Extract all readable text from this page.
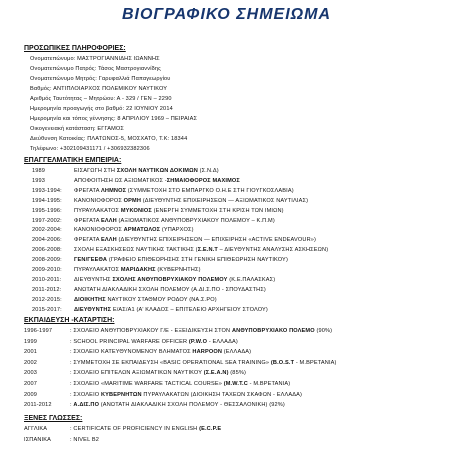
ΒΙΟΓΡΑΦΙΚΟ ΣΗΜΕΙΩΜΑ
ΠΡΟΣΩΠΙΚΕΣ ΠΛΗΡΟΦΟΡΙΕΣ:
Ονοματεπώνυμο: ΜΑΣΤΡΟΓΙΑΝΝΙΔΗΣ ΙΩΑΝΝΗΣ
Ονοματεπώνυμο Πατρός: Τάσος Μαστρογιαννίδης
Ονοματεπώνυμο Μητρός: Γαρυφαλλιά Παπαγεωργίου
Βαθμός: ΑΝΤΙΠΛΟΙΑΡΧΟΣ ΠΟΛΕΜΙΚΟΥ ΝΑΥΤΙΚΟΥ
Αριθμός Ταυτότητας – Μητρώου: Α - 329 / ΓΕΝ – 2290
Ημερομηνία προαγωγής στο βαθμό: 22 ΙΟΥΝΙΟΥ 2014
Ημερομηνία και τόπος γέννησης: 8 ΑΠΡΙΛΙΟΥ 1969 – ΠΕΙΡΑΙΑΣ
Οικογενειακή κατάσταση: ΕΓΓΑΜΟΣ
Διεύθυνση Κατοικίας: ΠΛΑΤΩΝΟΣ-5, ΜΟΣΧΑΤΟ, Τ.Κ: 18344
Τηλέφωνο: +302109431171 / +306932382306
ΕΠΑΓΓΕΛΜΑΤΙΚΗ ΕΜΠΕΙΡΙΑ:
1989	ΕΙΣΑΓΩΓΗ ΣΤΗ ΣΧΟΛΗ ΝΑΥΤΙΚΩΝ ΔΟΚΙΜΩΝ (Σ.Ν.Δ)
1993	ΑΠΟΦΟΙΤΗΣΗ ΩΣ ΑΞΙΩΜΑΤΙΚΟΣ -ΣΗΜΑΙΟΦΟΡΟΣ ΜΑΧΙΜΟΣ
1993-1994: ΦΡΕΓΑΤΑ ΛΗΜΝΟΣ (ΣΥΜΜΕΤΟΧΗ ΣΤΟ ΕΜΠΑΡΓΚΟ Ο.Η.Ε ΣΤΗ ΓΙΟΥΓΚΟΣΛΑΒΙΑ)
1994-1995: ΚΑΝΟΝΙΟΦΟΡΟΣ ΟΡΜΗ (ΔΙΕΥΘΥΝΤΗΣ ΕΠΙΧΕΙΡΗΣΕΩΝ — ΑΞΙΩΜΑΤΙΚΟΣ ΝΑΥΤΙΛΙΑΣ)
1995-1996: ΠΥΡΑΥΛΑΚΑΤΟΣ ΜΥΚΟΝΙΟΣ (ΕΝΕΡΓΗ ΣΥΜΜΕΤΟΧΗ ΣΤΗ ΚΡΙΣΗ ΤΩΝ ΙΜΙΩΝ)
1997-2002: ΦΡΕΓΑΤΑ ΕΛΛΗ (ΑΞΙΩΜΑΤΙΚΟΣ ΑΝΘΥΠΟΒΡΥΧΙΑΚΟΥ ΠΟΛΕΜΟΥ – Κ.Π.Μ)
2002-2004: ΚΑΝΟΝΙΟΦΟΡΟΣ ΑΡΜΑΤΩΛΟΣ (ΥΠΑΡΧΟΣ)
2004-2006: ΦΡΕΓΑΤΑ ΕΛΛΗ (ΔΙΕΥΘΥΝΤΗΣ ΕΠΙΧΕΙΡΗΣΕΩΝ — ΕΠΙΧΕΙΡΗΣΗ «ACTIVE ENDEAVOUR»)
2006-2008: ΣΧΟΛΗ ΕΞΑΣΚΗΣΕΩΣ ΝΑΥΤΙΚΗΣ ΤΑΚΤΙΚΗΣ (Σ.Ε.Ν.Τ – ΔΙΕΥΘΥΝΤΗΣ ΑΝΑΛΥΣΗΣ ΑΣΚΗΣΕΩΝ)
2008-2009: ΓΕΝ/ΓΕΕΘΑ (ΓΡΑΦΕΙΟ ΕΠΙΘΕΩΡΗΣΗΣ ΣΤΗ ΓΕΝΙΚΗ ΕΠΙΘΕΩΡΗΣΗ ΝΑΥΤΙΚΟΥ)
2009-2010: ΠΥΡΑΥΛΑΚΑΤΟΣ ΜΑΡΙΔΑΚΗΣ (ΚΥΒΕΡΝΗΤΗΣ)
2010-2011: ΔΙΕΥΘΥΝΤΗΣ ΣΧΟΛΗΣ ΑΝΘΥΠΟΒΡΥΧΙΑΚΟΥ ΠΟΛΕΜΟΥ (Κ.Ε.ΠΑΛΑΣΚΑΣ)
2011-2012: ΑΝΩΤΑΤΗ ΔΙΑΚΛΑΔΙΚΗ ΣΧΟΛΗ ΠΟΛΕΜΟΥ (Α.ΔΙ.Σ.ΠΟ - ΣΠΟΥΔΑΣΤΗΣ)
2012-2015: ΔΙΟΙΚΗΤΗΣ ΝΑΥΤΙΚΟΥ ΣΤΑΘΜΟΥ ΡΟΔΟΥ (ΝΑ.Σ.ΡΟ)
2015-2017: ΔΙΕΥΘΥΝΤΗΣ Ε/ΑΣ/Α1 (Α' ΚΛΑΔΟΣ – ΕΠΙΤΕΛΕΙΟ ΑΡΧΗΓΕΙΟΥ ΣΤΟΛΟΥ)
ΕΚΠΑΙΔΕΥΣΗ -ΚΑΤΑΡΤΙΣΗ:
1996-1997	: ΣΧΟΛΕΙΟ ΑΝΘΥΠΟΒΡΥΧΙΑΚΟΥ Γ/Ε - ΕΞΕΙΔΙΚΕΥΣΗ ΣΤΟΝ ΑΝΘΥΠΟΒΡΥΧΙΑΚΟ ΠΟΛΕΜΟ (90%)
1999	: SCHOOL PRINCIPAL WARFARE OFFICER (P.W.O - ΕΛΛΑΔΑ)
2001	: ΣΧΟΛΕΙΟ ΚΑΤΕΥΘΥΝΟΜΕΝΟΥ ΒΛΗΜΑΤΟΣ HARPOON (ΕΛΛΑΔΑ)
2002	: ΣΥΜΜΕΤΟΧΗ ΣΕ ΕΚΠΑΙΔΕΥΣΗ «BASIC OPERATIONAL SEA TRAINING» (B.O.S.T - Μ.ΒΡΕΤΑΝΙΑ)
2003	: ΣΧΟΛΕΙΟ ΕΠΙΤΕΛΩΝ ΑΞΙΩΜΑΤΙΚΩΝ ΝΑΥΤΙΚΟΥ (Σ.Ε.Α.Ν) (85%)
2007	: ΣΧΟΛΕΙΟ «MARITIME WARFARE TACTICAL COURSE» (M.W.T.C - Μ.ΒΡΕΤΑΝΙΑ)
2009	: ΣΧΟΛΕΙΟ ΚΥΒΕΡΝΗΤΩΝ ΠΥΡΑΥΛΑΚΑΤΩΝ (ΔΙΟΙΚΗΣΗ ΤΑΧΕΩΝ ΣΚΑΦΩΝ - ΕΛΛΑΔΑ)
2011-2012	: Α.ΔΙΣ.ΠΟ (ΑΝΩΤΑΤΗ ΔΙΑΚΛΑΔΙΚΗ ΣΧΟΛΗ ΠΟΛΕΜΟΥ - ΘΕΣΣΑΛΟΝΙΚΗ) (92%)
ΞΕΝΕΣ ΓΛΩΣΣΕΣ:
ΑΓΓΛΙΚΑ	: CERTIFICATE OF PROFICIENCY IN ENGLISH (E.C.P.E
ΙΣΠΑΝΙΚΑ	: NIVEL B2
